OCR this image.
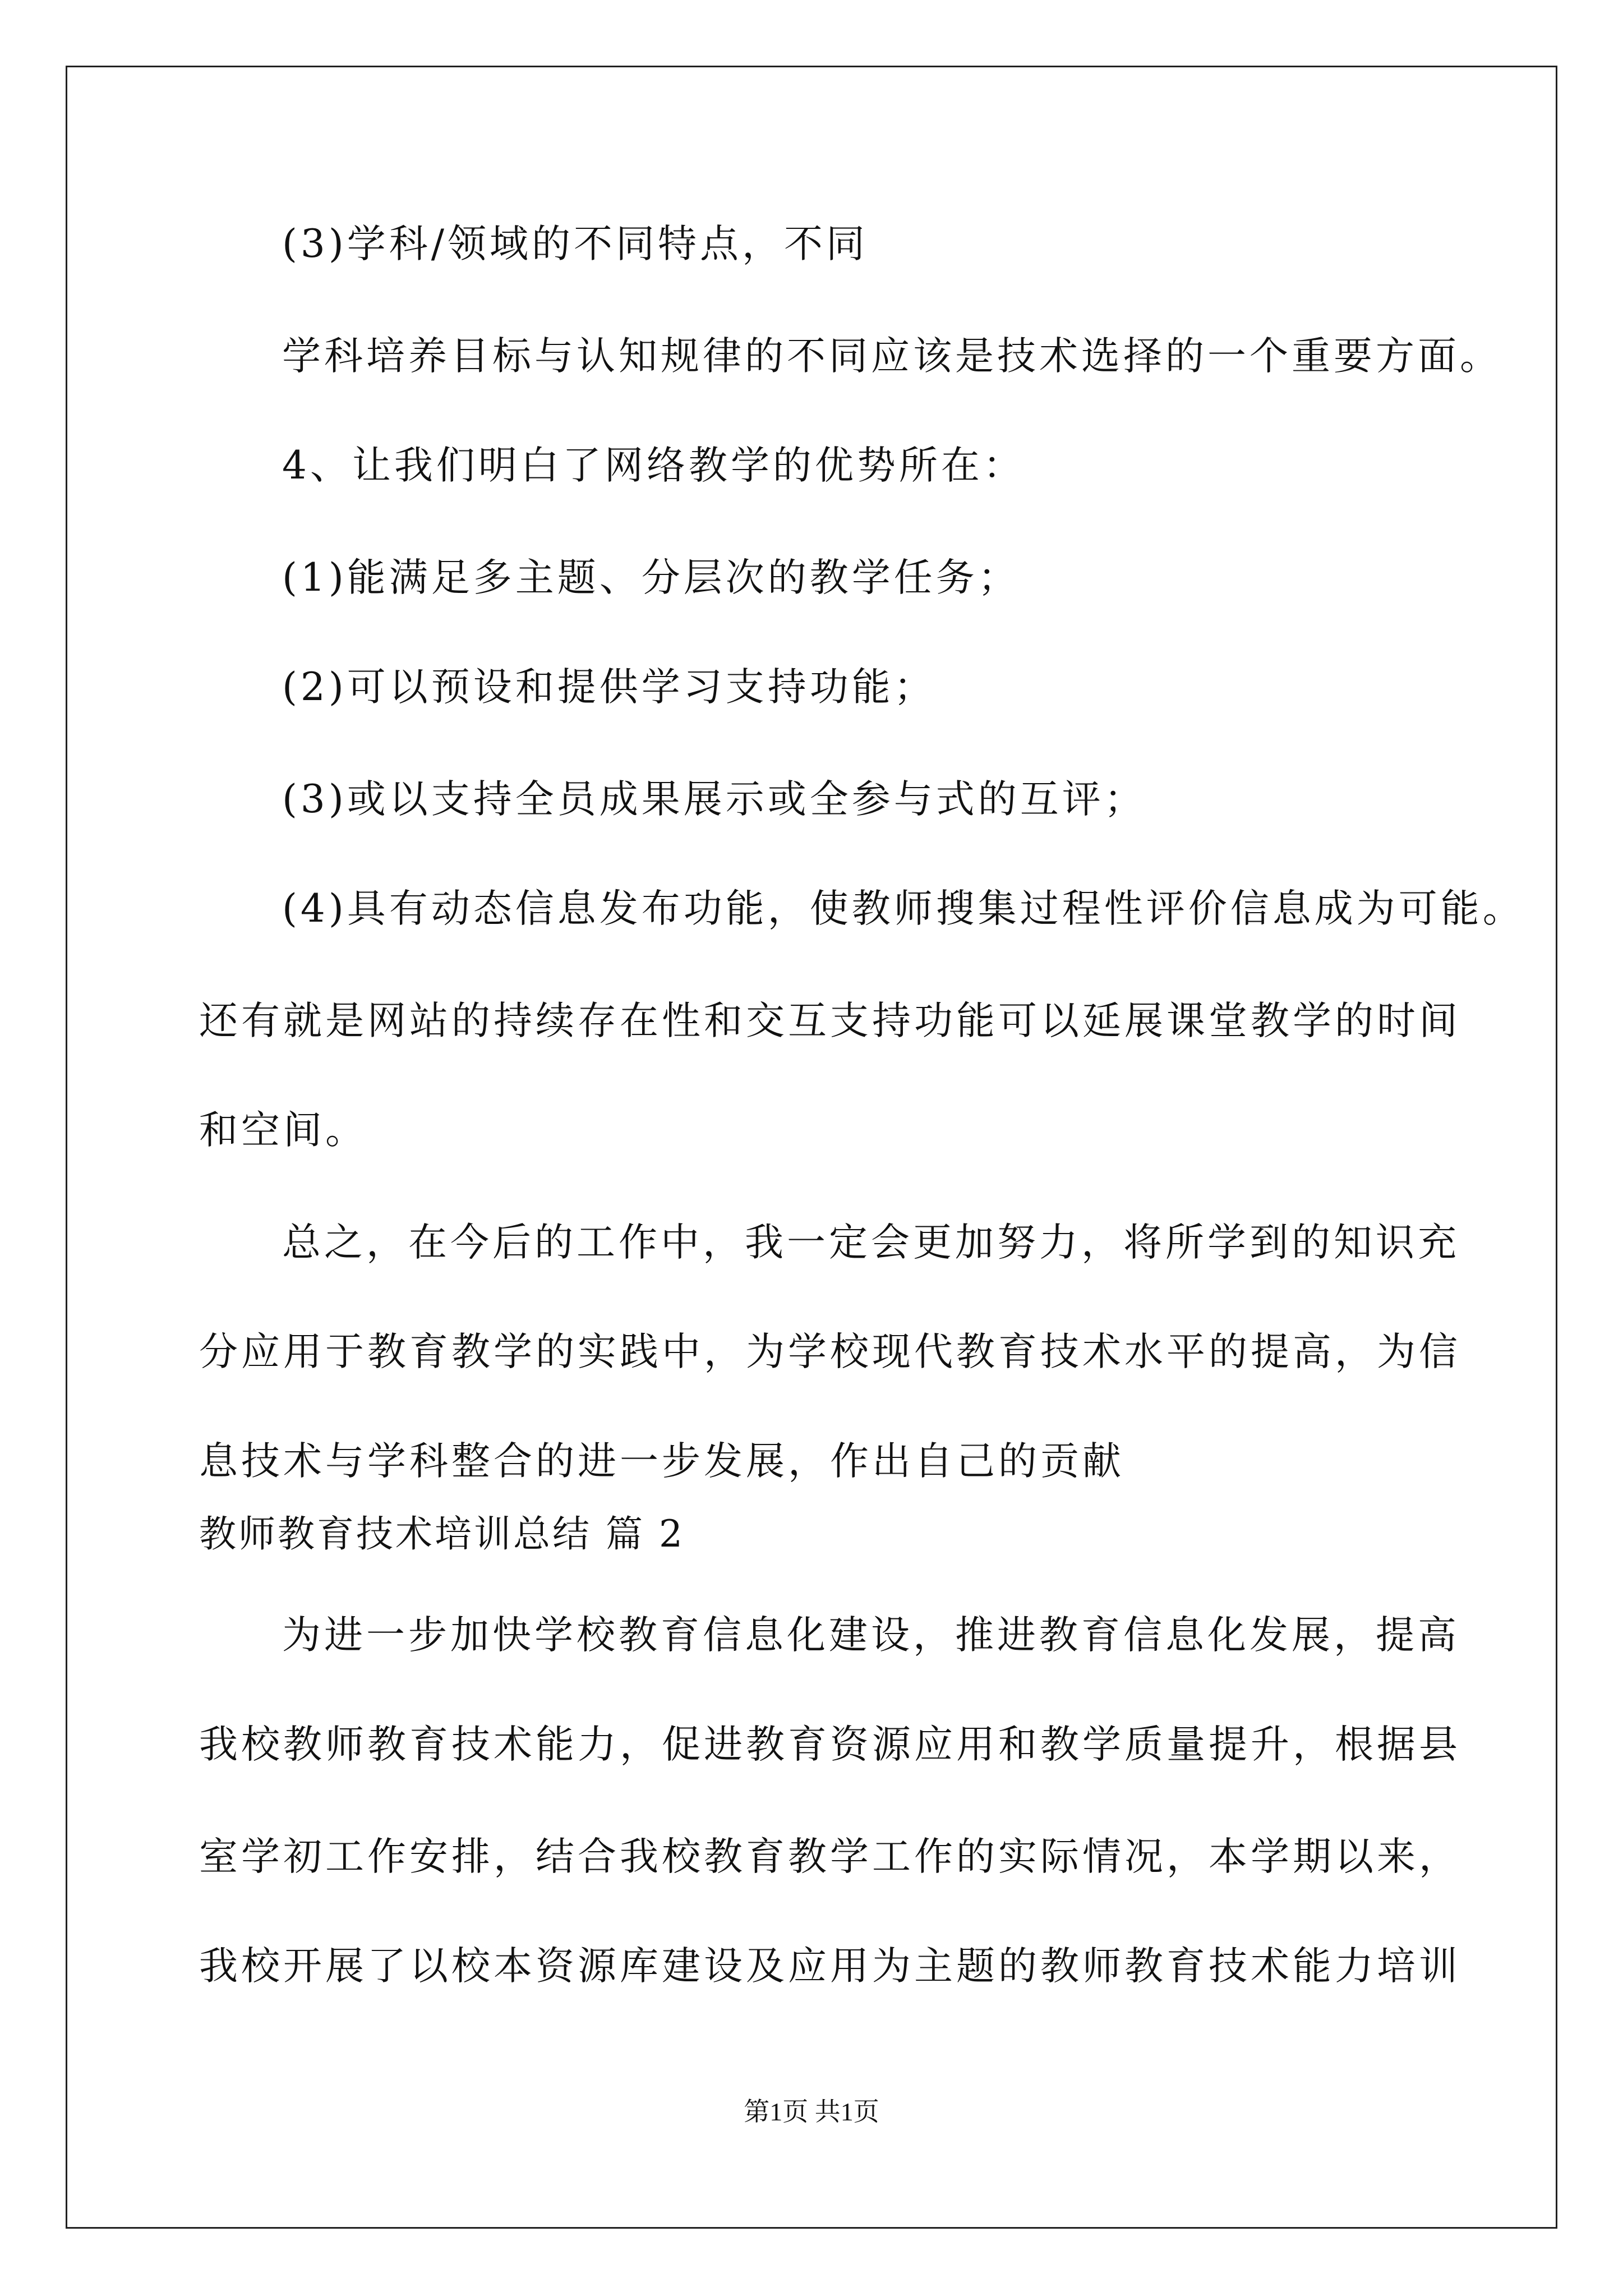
(3)学科/领域的不同特点，不同
学科培养目标与认知规律的不同应该是技术选择的一个重要方面。
4、让我们明白了网络教学的优势所在：
(1)能满足多主题、分层次的教学任务；
(2)可以预设和提供学习支持功能；
(3)或以支持全员成果展示或全参与式的互评；
(4)具有动态信息发布功能，使教师搜集过程性评价信息成为可能。
还有就是网站的持续存在性和交互支持功能可以延展课堂教学的时间
和空间。
总之，在今后的工作中，我一定会更加努力，将所学到的知识充
分应用于教育教学的实践中，为学校现代教育技术水平的提高，为信
息技术与学科整合的进一步发展，作出自己的贡献
教师教育技术培训总结 篇 2
为进一步加快学校教育信息化建设，推进教育信息化发展，提高
我校教师教育技术能力，促进教育资源应用和教学质量提升，根据县
室学初工作安排，结合我校教育教学工作的实际情况，本学期以来，
我校开展了以校本资源库建设及应用为主题的教师教育技术能力培训
第1页 共1页
